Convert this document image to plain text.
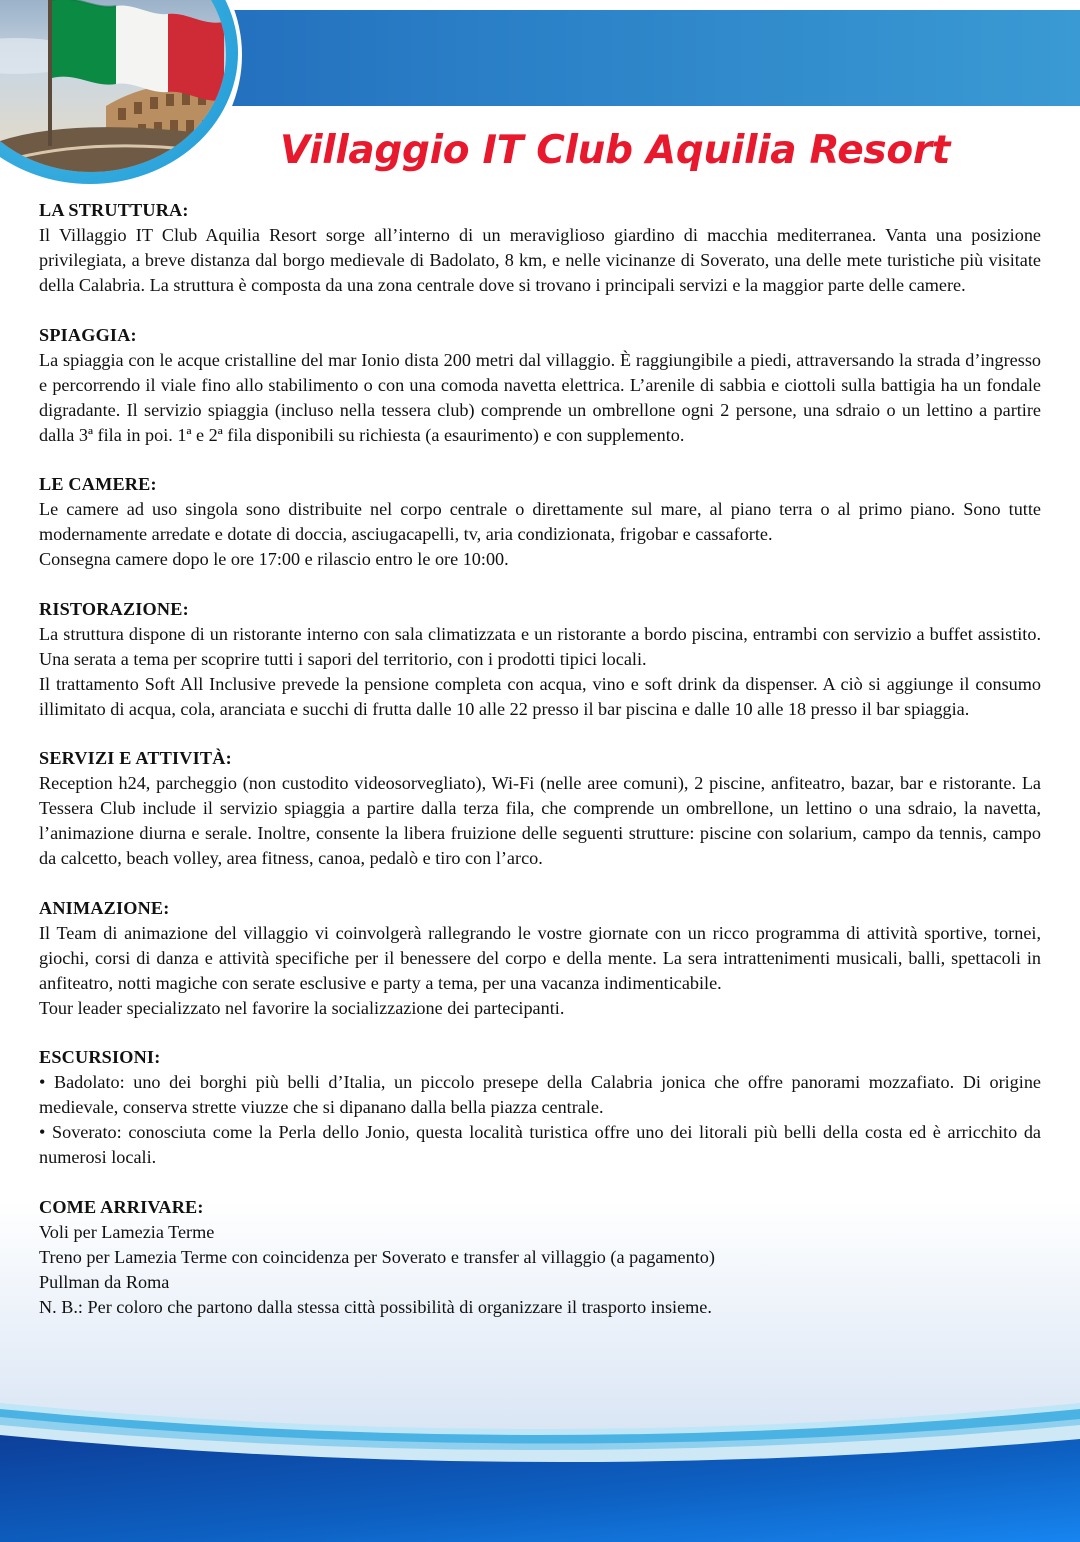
Villaggio IT Club Aquilia Resort

LA STRUTTURA:

Il Villaggio IT Club Aquilia Resort sorge all’interno di un meraviglioso giardino di macchia mediterranea. Vanta una posizione privilegiata, a breve distanza dal borgo medievale di Badolato, 8 km, e nelle vicinanze di Soverato, una delle mete turistiche più visitate della Calabria. La struttura è composta da una zona centrale dove si trovano i principali servizi e la maggior parte delle camere.

SPIAGGIA:

La spiaggia con le acque cristalline del mar Ionio dista 200 metri dal villaggio. È raggiungibile a piedi, attraversando la strada d’ingresso e percorrendo il viale fino allo stabilimento o con una comoda navetta elettrica. L’arenile di sabbia e ciottoli sulla battigia ha un fondale digradante. Il servizio spiaggia (incluso nella tessera club) comprende un ombrellone ogni 2 persone, una sdraio o un lettino a partire dalla 3ª fila in poi. 1ª e 2ª fila disponibili su richiesta (a esaurimento) e con supplemento.

LE CAMERE:

Le camere ad uso singola sono distribuite nel corpo centrale o direttamente sul mare, al piano terra o al primo piano. Sono tutte modernamente arredate e dotate di doccia, asciugacapelli, tv, aria condizionata, frigobar e cassaforte.

Consegna camere dopo le ore 17:00 e rilascio entro le ore 10:00.

RISTORAZIONE:

La struttura dispone di un ristorante interno con sala climatizzata e un ristorante a bordo piscina, entrambi con servizio a buffet assistito. Una serata a tema per scoprire tutti i sapori del territorio, con i prodotti tipici locali.

Il trattamento Soft All Inclusive prevede la pensione completa con acqua, vino e soft drink da dispenser. A ciò si aggiunge il consumo illimitato di acqua, cola, aranciata e succhi di frutta dalle 10 alle 22 presso il bar piscina e dalle 10 alle 18 presso il bar spiaggia.

SERVIZI E ATTIVITÀ:

Reception h24, parcheggio (non custodito videosorvegliato), Wi-Fi (nelle aree comuni), 2 piscine, anfiteatro, bazar, bar e ristorante. La Tessera Club include il servizio spiaggia a partire dalla terza fila, che comprende un ombrellone, un lettino o una sdraio, la navetta, l’animazione diurna e serale. Inoltre, consente la libera fruizione delle seguenti strutture: piscine con solarium, campo da tennis, campo da calcetto, beach volley, area fitness, canoa, pedalò e tiro con l’arco.

ANIMAZIONE:

Il Team di animazione del villaggio vi coinvolgerà rallegrando le vostre giornate con un ricco programma di attività sportive, tornei, giochi, corsi di danza e attività specifiche per il benessere del corpo e della mente. La sera intrattenimenti musicali, balli, spettacoli in anfiteatro, notti magiche con serate esclusive e party a tema, per una vacanza indimenticabile.

Tour leader specializzato nel favorire la socializzazione dei partecipanti.

ESCURSIONI:

• Badolato: uno dei borghi più belli d’Italia, un piccolo presepe della Calabria jonica che offre panorami mozzafiato. Di origine medievale, conserva strette viuzze che si dipanano dalla bella piazza centrale.

• Soverato: conosciuta come la Perla dello Jonio, questa località turistica offre uno dei litorali più belli della costa ed è arricchito da numerosi locali.

COME ARRIVARE:

Voli per Lamezia Terme

Treno per Lamezia Terme con coincidenza per Soverato e transfer al villaggio (a pagamento)

Pullman da Roma

N. B.: Per coloro che partono dalla stessa città possibilità di organizzare il trasporto insieme.
